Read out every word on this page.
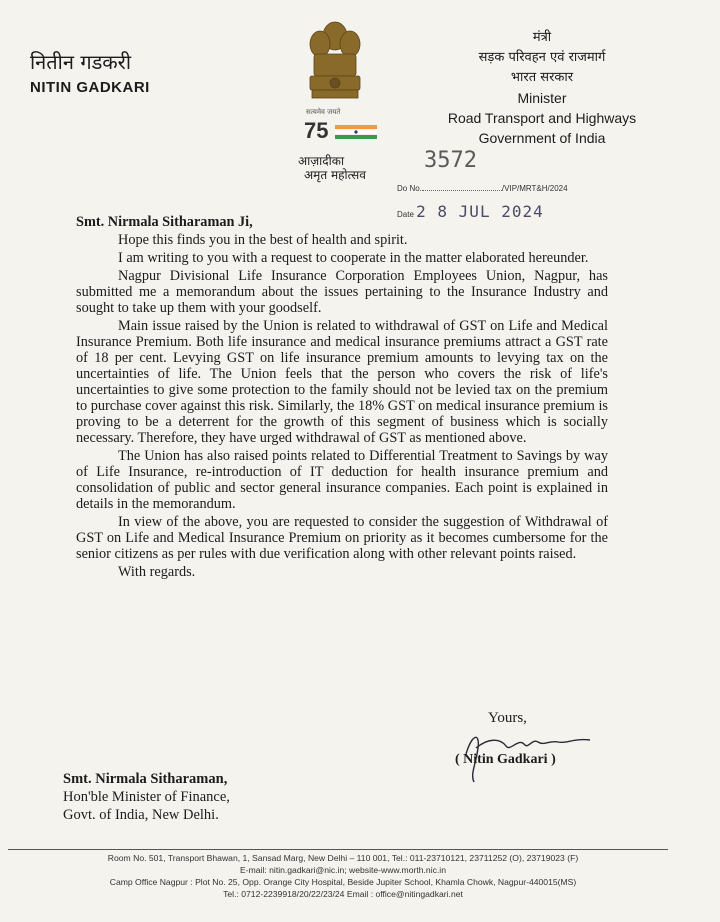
नितीन गडकरी
NITIN GADKARI
सत्यमेव जयते
75
आज़ादीका
अमृत महोत्सव
मंत्री
सड़क परिवहन एवं राजमार्ग
भारत सरकार
Minister
Road Transport and Highways
Government of India
3572
Do No.	/VIP/MRT&H/2024
Date 2 8 JUL 2024
Smt. Nirmala Sitharaman Ji,

Hope this finds you in the best of health and spirit.

I am writing to you with a request to cooperate in the matter elaborated hereunder.

Nagpur Divisional Life Insurance Corporation Employees Union, Nagpur, has submitted me a memorandum about the issues pertaining to the Insurance Industry and sought to take up them with your goodself.

Main issue raised by the Union is related to withdrawal of GST on Life and Medical Insurance Premium. Both life insurance and medical insurance premiums attract a GST rate of 18 per cent. Levying GST on life insurance premium amounts to levying tax on the uncertainties of life. The Union feels that the person who covers the risk of life's uncertainties to give some protection to the family should not be levied tax on the premium to purchase cover against this risk. Similarly, the 18% GST on medical insurance premium is proving to be a deterrent for the growth of this segment of business which is socially necessary. Therefore, they have urged withdrawal of GST as mentioned above.

The Union has also raised points related to Differential Treatment to Savings by way of Life Insurance, re-introduction of IT deduction for health insurance premium and consolidation of public and sector general insurance companies. Each point is explained in details in the memorandum.

In view of the above, you are requested to consider the suggestion of Withdrawal of GST on Life and Medical Insurance Premium on priority as it becomes cumbersome for the senior citizens as per rules with due verification along with other relevant points raised.

With regards.

Yours,
( Nitin Gadkari )
Smt. Nirmala Sitharaman,
Hon'ble Minister of Finance,
Govt. of India, New Delhi.
Room No. 501, Transport Bhawan, 1, Sansad Marg, New Delhi – 110 001, Tel.: 011-23710121, 23711252 (O), 23719023 (F)
E-mail: nitin.gadkari@nic.in; website-www.morth.nic.in
Camp Office Nagpur : Plot No. 25, Opp. Orange City Hospital, Beside Jupiter School, Khamla Chowk, Nagpur-440015(MS)
Tel.: 0712-2239918/20/22/23/24 Email : office@nitingadkari.net
